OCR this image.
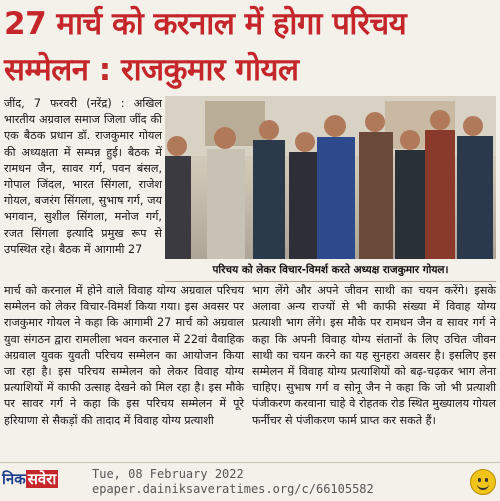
27 मार्च को करनाल में होगा परिचय
सम्मेलन : राजकुमार गोयल

जींद, 7 फरवरी (नरेंद्र) : अखिल भारतीय अग्रवाल समाज जिला जींद की एक बैठक प्रधान डॉ. राजकुमार गोयल की अध्यक्षता में सम्पन्न हुई। बैठक में रामधन जैन, सावर गर्ग, पवन बंसल, गोपाल जिंदल, भारत सिंगला, राजेश गोयल, बजरंग सिंगला, सुभाष गर्ग, जय भगवान, सुशील सिंगला, मनोज गर्ग, रजत सिंगला इत्यादि प्रमुख रूप से उपस्थित रहे। बैठक में आगामी 27

परिचय को लेकर विचार-विमर्श करते अध्यक्ष राजकुमार गोयल।

मार्च को करनाल में होने वाले विवाह योग्य अग्रवाल परिचय सम्मेलन को लेकर विचार-विमर्श किया गया। इस अवसर पर राजकुमार गोयल ने कहा कि आगामी 27 मार्च को अग्रवाल युवा संगठन द्वारा रामलीला भवन करनाल में 22वां वैवाहिक अग्रवाल युवक युवती परिचय सम्मेलन का आयोजन किया जा रहा है। इस परिचय सम्मेलन को लेकर विवाह योग्य प्रत्याशियों में काफी उत्साह देखने को मिल रहा है। इस मौके पर सावर गर्ग ने कहा कि इस परिचय सम्मेलन में पूरे हरियाणा से सैकड़ों की तादाद में विवाह योग्य प्रत्याशी

भाग लेंगे और अपने जीवन साथी का चयन करेंगे। इसके अलावा अन्य राज्यों से भी काफी संख्या में विवाह योग्य प्रत्याशी भाग लेंगे। इस मौके पर रामधन जैन व सावर गर्ग ने कहा कि अपनी विवाह योग्य संतानों के लिए उचित जीवन साथी का चयन करने का यह सुनहरा अवसर है। इसलिए इस सम्मेलन में विवाह योग्य प्रत्याशियों को बढ़-चढ़कर भाग लेना चाहिए। सुभाष गर्ग व सोनू जैन ने कहा कि जो भी प्रत्याशी पंजीकरण करवाना चाहे वे रोहतक रोड स्थित मुख्यालय गोयल फर्नीचर से पंजीकरण फार्म प्राप्त कर सकते हैं।

निक सवेरा	Tue, 08 February 2022
epaper.dainiksaveratimes.org/c/66105582
